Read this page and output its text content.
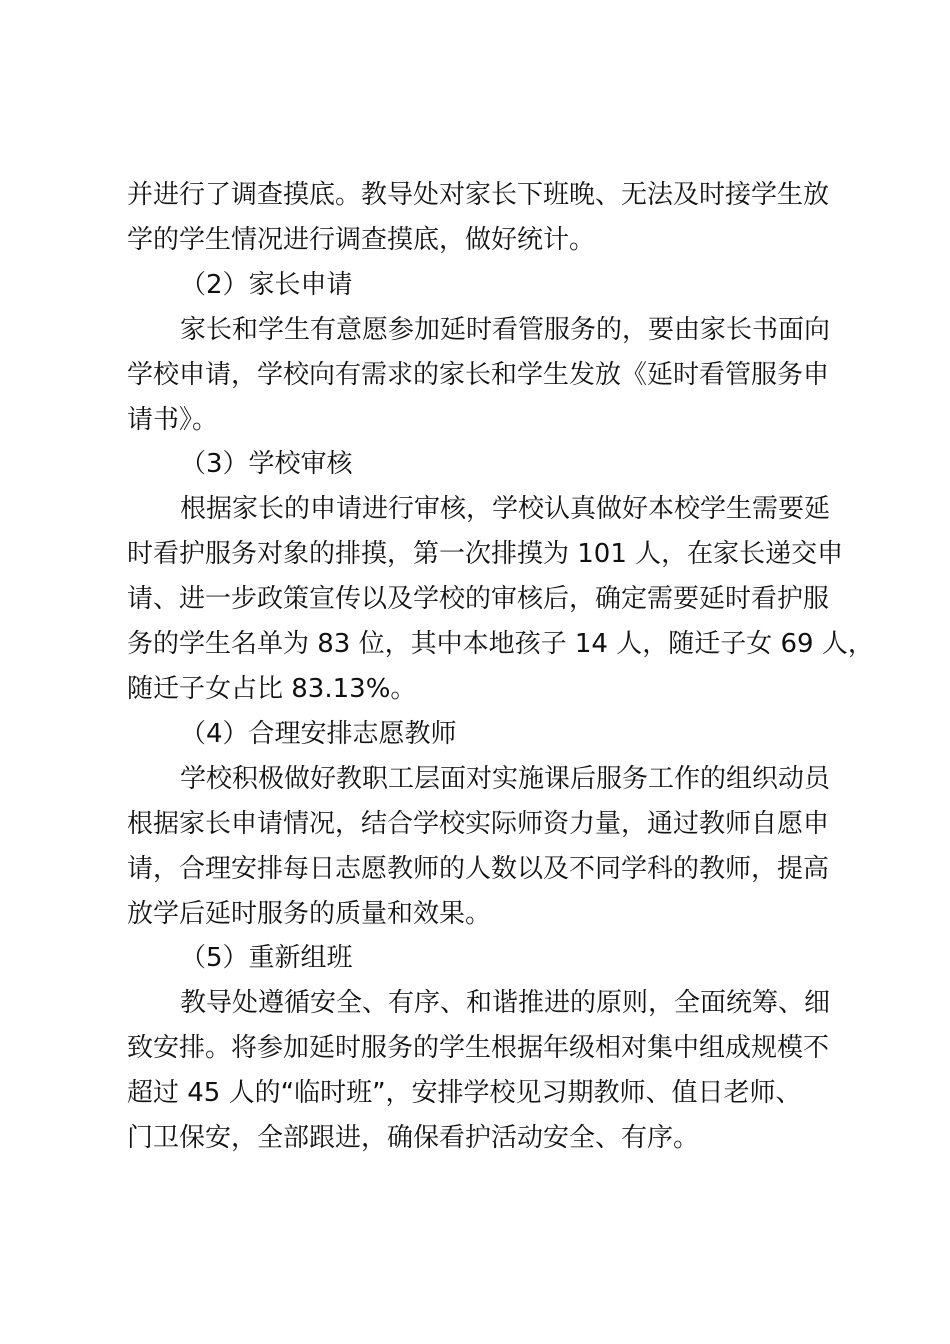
并进行了调查摸底。教导处对家长下班晚、无法及时接学生放
学的学生情况进行调查摸底，做好统计。
（2）家长申请
家长和学生有意愿参加延时看管服务的，要由家长书面向
学校申请，学校向有需求的家长和学生发放《延时看管服务申
请书》。
（3）学校审核
根据家长的申请进行审核，学校认真做好本校学生需要延
时看护服务对象的排摸，第一次排摸为 101 人，在家长递交申
请、进一步政策宣传以及学校的审核后，确定需要延时看护服
务的学生名单为 83 位，其中本地孩子 14 人，随迁子女 69 人，
随迁子女占比 83.13%。
（4）合理安排志愿教师
学校积极做好教职工层面对实施课后服务工作的组织动员
根据家长申请情况，结合学校实际师资力量，通过教师自愿申
请，合理安排每日志愿教师的人数以及不同学科的教师，提高
放学后延时服务的质量和效果。
（5）重新组班
教导处遵循安全、有序、和谐推进的原则，全面统筹、细
致安排。将参加延时服务的学生根据年级相对集中组成规模不
超过 45 人的“临时班”，安排学校见习期教师、值日老师、
门卫保安，全部跟进，确保看护活动安全、有序。
